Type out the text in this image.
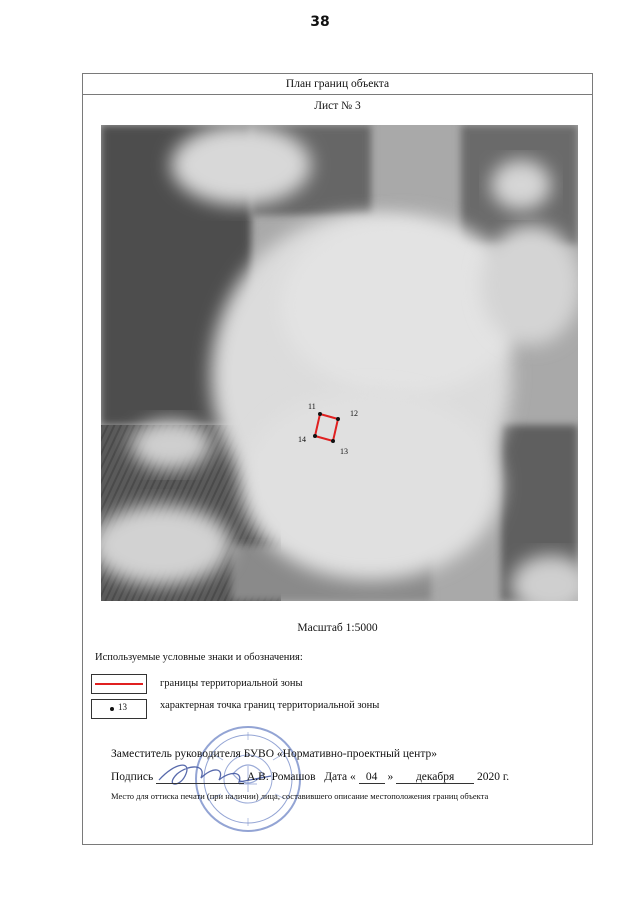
38
План границ объекта
Лист № 3
11
12
13
14
Масштаб 1:5000
Используемые условные знаки и обозначения:
границы территориальной зоны
13	характерная точка границ территориальной зоны
Заместитель руководителя БУВО «Нормативно-проектный центр»
Подпись	А.В. Ромашов Дата « 04 » декабря 2020 г.
Место для оттиска печати (при наличии) лица, составившего описание местоположения границ объекта
